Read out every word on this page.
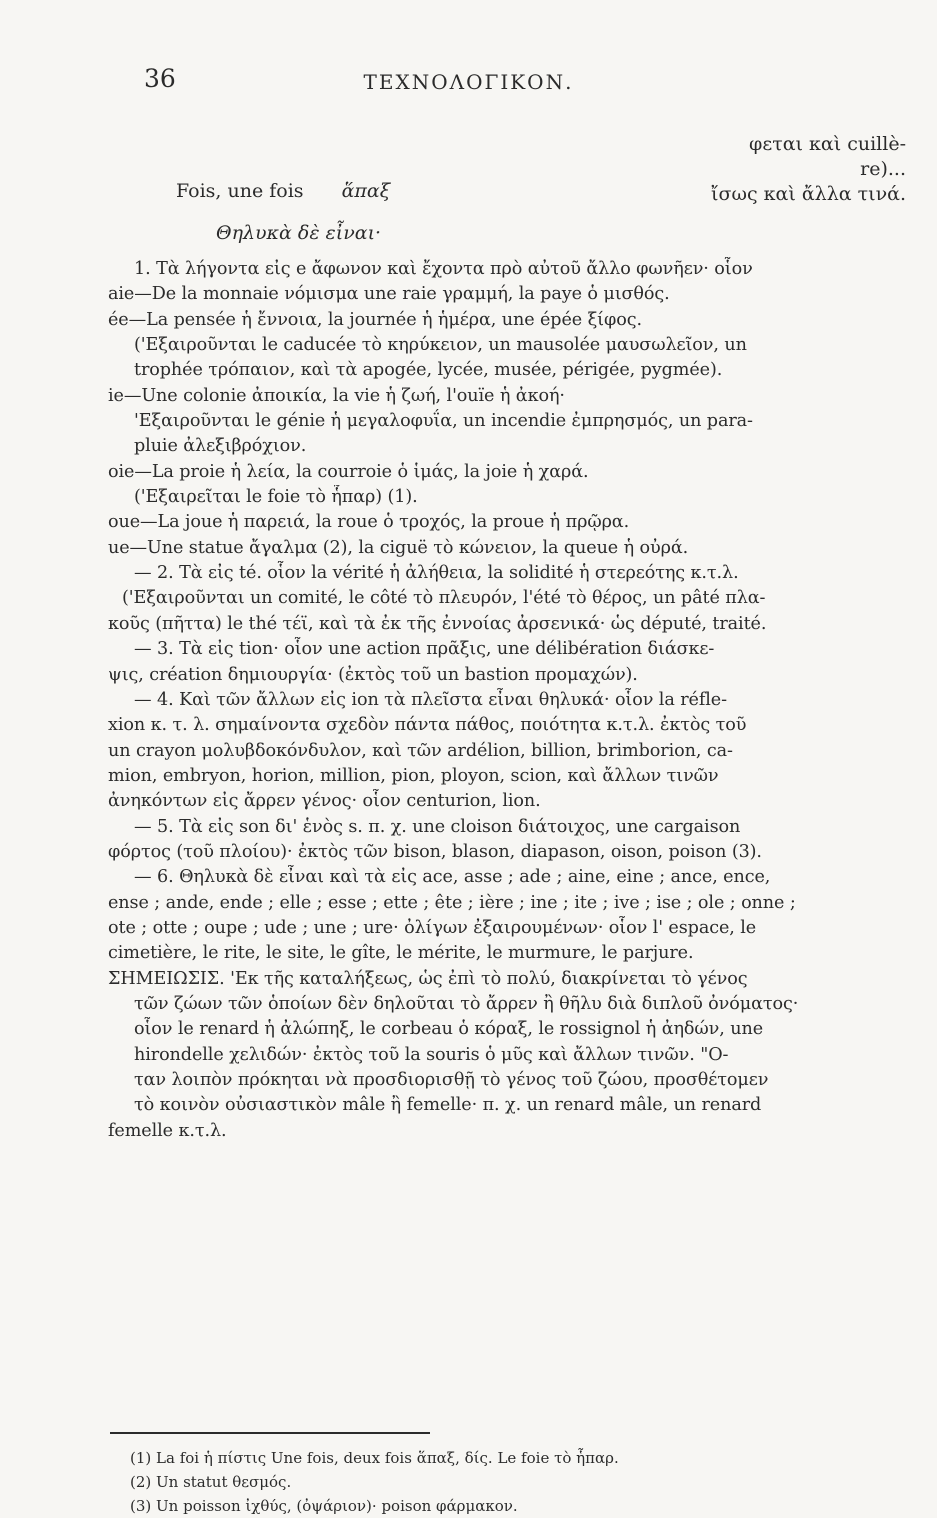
36	ΤΕΧΝΟΛΟΓΙΚΟΝ.
φεται καὶ cuillè-
re)...
ἴσως καὶ ἄλλα τινά.
Fois, une fois ἅπαξ
Θηλυκὰ δὲ εἶναι·
1. Τὰ λήγοντα εἰς e ἄφωνον καὶ ἔχοντα πρὸ αὐτοῦ ἄλλο φωνῆεν· οἷον
aie—De la monnaie νόμισμα une raie γραμμή, la paye ὁ μισθός.
ée—La pensée ἡ ἔννοια, la journée ἡ ἡμέρα, une épée ξίφος.
('Εξαιροῦνται le caducée τὸ κηρύκειον, un mausolée μαυσωλεῖον, un
trophée τρόπαιον, καὶ τὰ apogée, lycée, musée, périgée, pygmée).
ie—Une colonie ἀποικία, la vie ἡ ζωή, l'ouïe ἡ ἀκοή·
'Εξαιροῦνται le génie ἡ μεγαλοφυΐα, un incendie ἐμπρησμός, un para-
pluie ἀλεξιβρόχιον.
oie—La proie ἡ λεία, la courroie ὁ ἱμάς, la joie ἡ χαρά.
('Εξαιρεῖται le foie τὸ ἧπαρ) (1).
oue—La joue ἡ παρειά, la roue ὁ τροχός, la proue ἡ πρῷρα.
ue—Une statue ἄγαλμα (2), la ciguë τὸ κώνειον, la queue ἡ οὐρά.
— 2. Τὰ εἰς té. οἷον la vérité ἡ ἀλήθεια, la solidité ἡ στερεότης κ.τ.λ.
('Εξαιροῦνται un comité, le côté τὸ πλευρόν, l'été τὸ θέρος, un pâté πλα-
κοῦς (πῆττα) le thé τέϊ, καὶ τὰ ἐκ τῆς ἐννοίας ἀρσενικά· ὡς député, traité.
— 3. Τὰ εἰς tion· οἷον une action πρᾶξις, une délibération διάσκε-
ψις, création δημιουργία· (ἐκτὸς τοῦ un bastion προμαχών).
— 4. Καὶ τῶν ἄλλων εἰς ion τὰ πλεῖστα εἶναι θηλυκά· οἷον la réfle-
xion κ. τ. λ. σημαίνοντα σχεδὸν πάντα πάθος, ποιότητα κ.τ.λ. ἐκτὸς τοῦ
un crayon μολυβδοκόνδυλον, καὶ τῶν ardélion, billion, brimborion, ca-
mion, embryon, horion, million, pion, ployon, scion, καὶ ἄλλων τινῶν
ἀνηκόντων εἰς ἄρρεν γένος· οἷον centurion, lion.
— 5. Τὰ εἰς son δι' ἑνὸς s. π. χ. une cloison διάτοιχος, une cargaison
φόρτος (τοῦ πλοίου)· ἐκτὸς τῶν bison, blason, diapason, oison, poison (3).
— 6. Θηλυκὰ δὲ εἶναι καὶ τὰ εἰς ace, asse ; ade ; aine, eine ; ance, ence,
ense ; ande, ende ; elle ; esse ; ette ; ête ; ière ; ine ; ite ; ive ; ise ; ole ; onne ;
ote ; otte ; oupe ; ude ; une ; ure· ὀλίγων ἐξαιρουμένων· οἷον l' espace, le
cimetière, le rite, le site, le gîte, le mérite, le murmure, le parjure.
ΣΗΜΕΙΩΣΙΣ. 'Εκ τῆς καταλήξεως, ὡς ἐπὶ τὸ πολύ, διακρίνεται τὸ γένος
τῶν ζώων τῶν ὁποίων δὲν δηλοῦται τὸ ἄρρεν ἢ θῆλυ διὰ διπλοῦ ὀνόματος·
οἷον le renard ἡ ἀλώπηξ, le corbeau ὁ κόραξ, le rossignol ἡ ἀηδών, une
hirondelle χελιδών· ἐκτὸς τοῦ la souris ὁ μῦς καὶ ἄλλων τινῶν. "Ο-
ταν λοιπὸν πρόκηται νὰ προσδιορισθῇ τὸ γένος τοῦ ζώου, προσθέτομεν
τὸ κοινὸν οὐσιαστικὸν mâle ἢ femelle· π. χ. un renard mâle, un renard
femelle κ.τ.λ.
(1) La foi ἡ πίστις Une fois, deux fois ἅπαξ, δίς. Le foie τὸ ἧπαρ.
(2) Un statut θεσμός.
(3) Un poisson ἰχθύς, (ὀψάριον)· poison φάρμακον.
